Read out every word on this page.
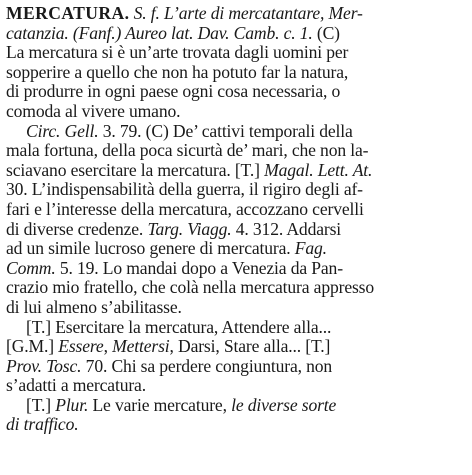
MERCATURA. S. f. L’arte di mercatantare, Mer-
catanzia. (Fanf.) Aureo lat. Dav. Camb. c. 1. (C)
La mercatura si è un’arte trovata dagli uomini per
sopperire a quello che non ha potuto far la natura,
di produrre in ogni paese ogni cosa necessaria, o
comoda al vivere umano.
Circ. Gell. 3. 79. (C) De’ cattivi temporali della
mala fortuna, della poca sicurtà de’ mari, che non la-
sciavano esercitare la mercatura. [T.] Magal. Lett. At.
30. L’indispensabilità della guerra, il rigiro degli af-
fari e l’interesse della mercatura, accozzano cervelli
di diverse credenze. Targ. Viagg. 4. 312. Addarsi
ad un simile lucroso genere di mercatura. Fag.
Comm. 5. 19. Lo mandai dopo a Venezia da Pan-
crazio mio fratello, che colà nella mercatura appresso
di lui almeno s’abilitasse.
[T.] Esercitare la mercatura, Attendere alla...
[G.M.] Essere, Mettersi, Darsi, Stare alla... [T.]
Prov. Tosc. 70. Chi sa perdere congiuntura, non
s’adatti a mercatura.
[T.] Plur. Le varie mercature, le diverse sorte
di traffico.
